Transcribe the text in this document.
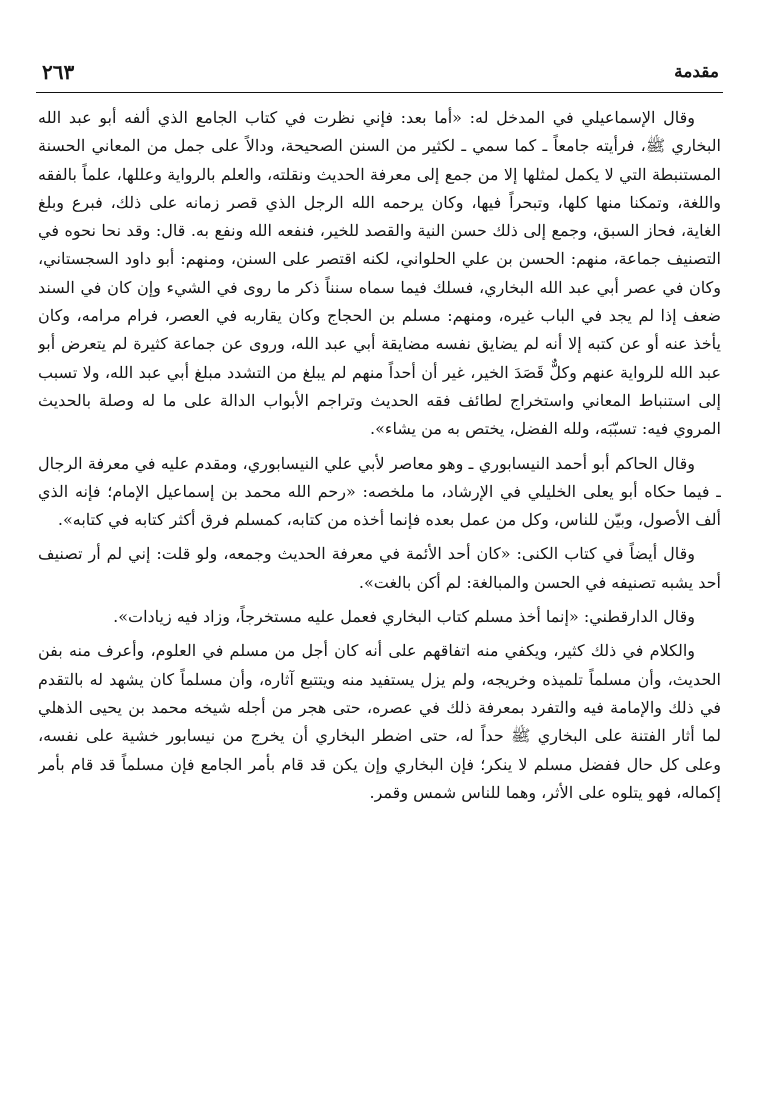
مقدمة
٢٦٣

وقال الإسماعيلي في المدخل له: «أما بعد: فإني نظرت في كتاب الجامع الذي ألفه أبو عبد الله البخاري ﷺ، فرأيته جامعاً ـ كما سمي ـ لكثير من السنن الصحيحة، ودالاً على جمل من المعاني الحسنة المستنبطة التي لا يكمل لمثلها إلا من جمع إلى معرفة الحديث ونقلته، والعلم بالرواية وعللها، علماً بالفقه واللغة، وتمكنا منها كلها، وتبحراً فيها، وكان يرحمه الله الرجل الذي قصر زمانه على ذلك، فبرع وبلغ الغاية، فحاز السبق، وجمع إلى ذلك حسن النية والقصد للخير، فنفعه الله ونفع به. قال: وقد نحا نحوه في التصنيف جماعة، منهم: الحسن بن علي الحلواني، لكنه اقتصر على السنن، ومنهم: أبو داود السجستاني، وكان في عصر أبي عبد الله البخاري، فسلك فيما سماه سنناً ذكر ما روى في الشيء وإن كان في السند ضعف إذا لم يجد في الباب غيره، ومنهم: مسلم بن الحجاج وكان يقاربه في العصر، فرام مرامه، وكان يأخذ عنه أو عن كتبه إلا أنه لم يضايق نفسه مضايقة أبي عبد الله، وروى عن جماعة كثيرة لم يتعرض أبو عبد الله للرواية عنهم وكلٌّ قَصَدَ الخير، غير أن أحداً منهم لم يبلغ من التشدد مبلغ أبي عبد الله، ولا تسبب إلى استنباط المعاني واستخراج لطائف فقه الحديث وتراجم الأبواب الدالة على ما له وصلة بالحديث المروي فيه: تسبّبَه، ولله الفضل، يختص به من يشاء».

وقال الحاكم أبو أحمد النيسابوري ـ وهو معاصر لأبي علي النيسابوري، ومقدم عليه في معرفة الرجال ـ فيما حكاه أبو يعلى الخليلي في الإرشاد، ما ملخصه: «رحم الله محمد بن إسماعيل الإمام؛ فإنه الذي ألف الأصول، وبيّن للناس، وكل من عمل بعده فإنما أخذه من كتابه، كمسلم فرق أكثر كتابه في كتابه».

وقال أيضاً في كتاب الكنى: «كان أحد الأئمة في معرفة الحديث وجمعه، ولو قلت: إني لم أر تصنيف أحد يشبه تصنيفه في الحسن والمبالغة: لم أكن بالغت».

وقال الدارقطني: «إنما أخذ مسلم كتاب البخاري فعمل عليه مستخرجاً، وزاد فيه زيادات».

والكلام في ذلك كثير، ويكفي منه اتفاقهم على أنه كان أجل من مسلم في العلوم، وأعرف منه بفن الحديث، وأن مسلماً تلميذه وخريجه، ولم يزل يستفيد منه ويتتبع آثاره، وأن مسلماً كان يشهد له بالتقدم في ذلك والإمامة فيه والتفرد بمعرفة ذلك في عصره، حتى هجر من أجله شيخه محمد بن يحيى الذهلي لما أثار الفتنة على البخاري ﷺ حداً له، حتى اضطر البخاري أن يخرج من نيسابور خشية على نفسه، وعلى كل حال ففضل مسلم لا ينكر؛ فإن البخاري وإن يكن قد قام بأمر الجامع فإن مسلماً قد قام بأمر إكماله، فهو يتلوه على الأثر، وهما للناس شمس وقمر.
